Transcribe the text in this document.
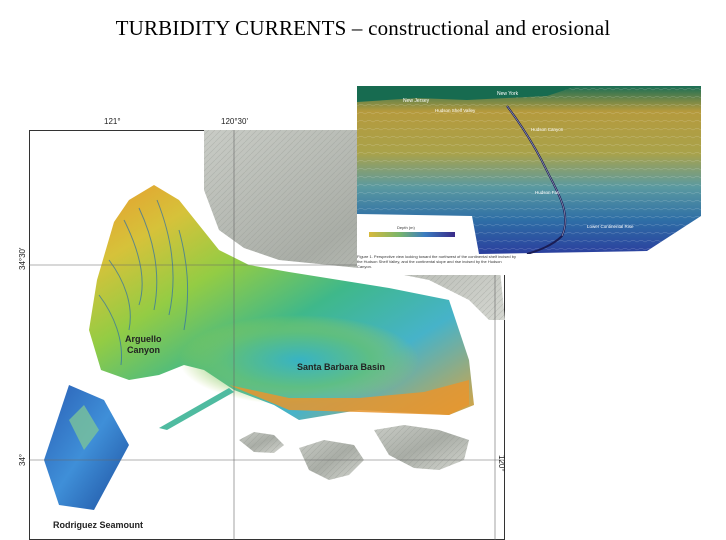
TURBIDITY CURRENTS – constructional and erosional
121°	120°30'
34°30'
34°	120°
Arguello
Canyon
Santa Barbara Basin
Rodriguez Seamount
New York
New Jersey
Hudson Shelf Valley
Hudson Canyon
Hudson Fan
Lower Continental Rise
Depth (m)
Figure 1. Perspective view looking toward the northwest of the continental shelf incised by the Hudson Shelf Valley, and the continental slope and rise incised by the Hudson Canyon.
